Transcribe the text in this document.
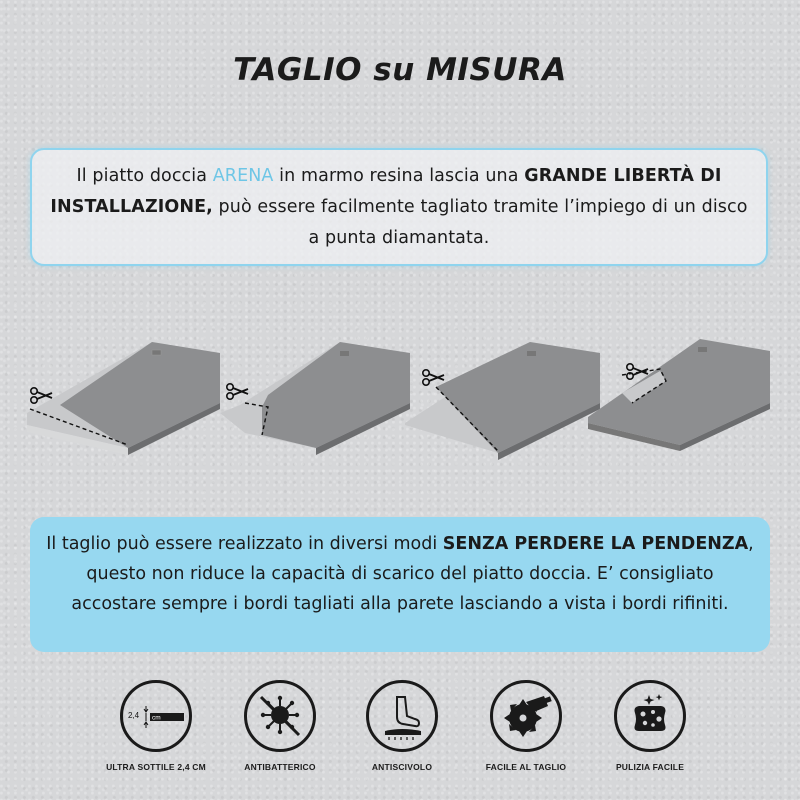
TAGLIO su MISURA
Il piatto doccia ARENA in marmo resina lascia una GRANDE LIBERTÀ DI INSTALLAZIONE, può essere facilmente tagliato tramite l’impiego di un disco a punta diamantata.
Il taglio può essere realizzato in diversi modi SENZA PERDERE LA PENDENZA, questo non riduce la capacità di scarico del piatto doccia. E’ consigliato accostare sempre i bordi tagliati alla parete lasciando a vista i bordi rifiniti.
2,4 cm
ULTRA SOTTILE 2,4 CM	ANTIBATTERICO	ANTISCIVOLO	FACILE AL TAGLIO	PULIZIA FACILE
